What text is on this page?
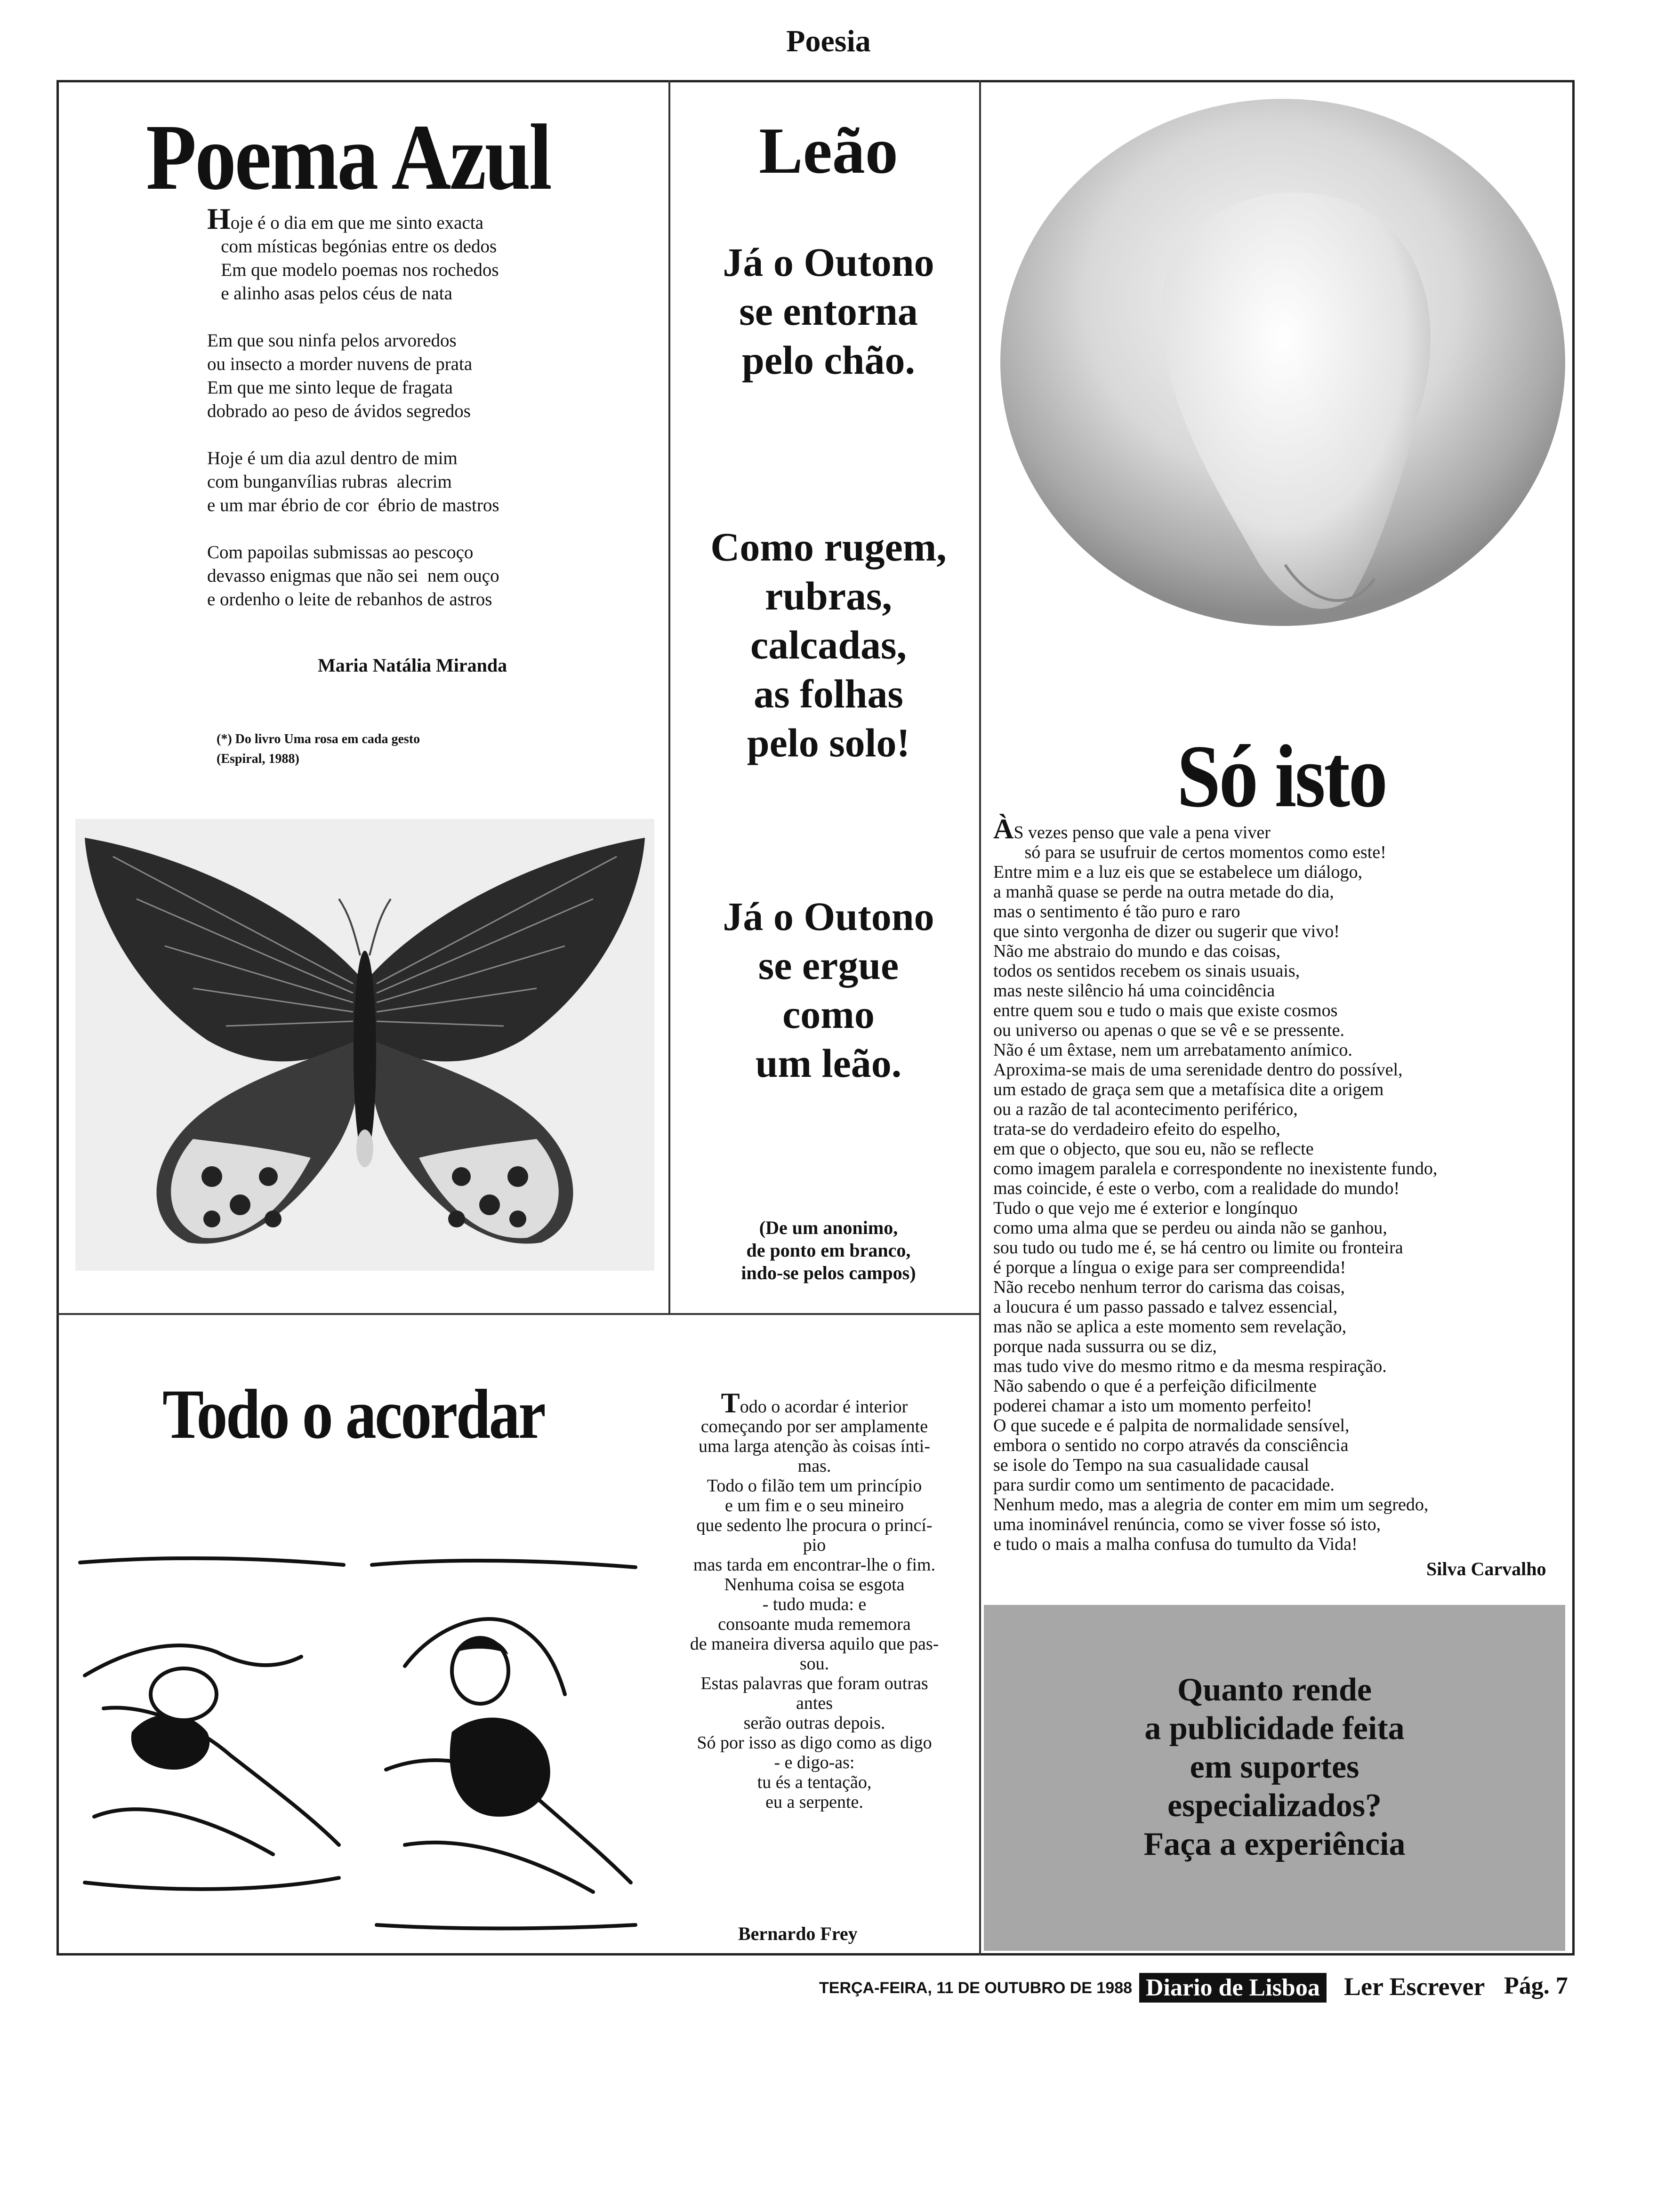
Poesia
Poema Azul
Hoje é o dia em que me sinto exacta
com místicas begónias entre os dedos
Em que modelo poemas nos rochedos
e alinho asas pelos céus de nata
Em que sou ninfa pelos arvoredos
ou insecto a morder nuvens de prata
Em que me sinto leque de fragata
dobrado ao peso de ávidos segredos
Hoje é um dia azul dentro de mim
com bunganvílias rubras  alecrim
e um mar ébrio de cor  ébrio de mastros
Com papoilas submissas ao pescoço
devasso enigmas que não sei  nem ouço
e ordenho o leite de rebanhos de astros
Maria Natália Miranda
(*) Do livro Uma rosa em cada gesto
(Espiral, 1988)
Leão
Já o Outono
se entorna
pelo chão.
Como rugem,
rubras,
calcadas,
as folhas
pelo solo!
Já o Outono
se ergue
como
um leão.
(De um anonimo,
de ponto em branco,
indo-se pelos campos)
Só isto
ÀS vezes penso que vale a pena viver
só para se usufruir de certos momentos como este!
Entre mim e a luz eis que se estabelece um diálogo,
a manhã quase se perde na outra metade do dia,
mas o sentimento é tão puro e raro
que sinto vergonha de dizer ou sugerir que vivo!
Não me abstraio do mundo e das coisas,
todos os sentidos recebem os sinais usuais,
mas neste silêncio há uma coincidência
entre quem sou e tudo o mais que existe cosmos
ou universo ou apenas o que se vê e se pressente.
Não é um êxtase, nem um arrebatamento anímico.
Aproxima-se mais de uma serenidade dentro do possível,
um estado de graça sem que a metafísica dite a origem
ou a razão de tal acontecimento periférico,
trata-se do verdadeiro efeito do espelho,
em que o objecto, que sou eu, não se reflecte
como imagem paralela e correspondente no inexistente fundo,
mas coincide, é este o verbo, com a realidade do mundo!
Tudo o que vejo me é exterior e longínquo
como uma alma que se perdeu ou ainda não se ganhou,
sou tudo ou tudo me é, se há centro ou limite ou fronteira
é porque a língua o exige para ser compreendida!
Não recebo nenhum terror do carisma das coisas,
a loucura é um passo passado e talvez essencial,
mas não se aplica a este momento sem revelação,
porque nada sussurra ou se diz,
mas tudo vive do mesmo ritmo e da mesma respiração.
Não sabendo o que é a perfeição dificilmente
poderei chamar a isto um momento perfeito!
O que sucede e é palpita de normalidade sensível,
embora o sentido no corpo através da consciência
se isole do Tempo na sua casualidade causal
para surdir como um sentimento de pacacidade.
Nenhum medo, mas a alegria de conter em mim um segredo,
uma inominável renúncia, como se viver fosse só isto,
e tudo o mais a malha confusa do tumulto da Vida!
Silva Carvalho
Quanto rende
a publicidade feita
em suportes
especializados?
Faça a experiência
Todo o acordar	Todo o acordar é interior
começando por ser amplamente
uma larga atenção às coisas ínti-
mas.
Todo o filão tem um princípio
e um fim e o seu mineiro
que sedento lhe procura o princí-
pio
mas tarda em encontrar-lhe o fim.
Nenhuma coisa se esgota
- tudo muda: e
consoante muda rememora
de maneira diversa aquilo que pas-
sou.
Estas palavras que foram outras
antes
serão outras depois.
Só por isso as digo como as digo
- e digo-as:
tu és a tentação,
eu a serpente.
Bernardo Frey
TERÇA-FEIRA, 11 DE OUTUBRO DE 1988 Diario de Lisboa Ler Escrever Pág. 7
